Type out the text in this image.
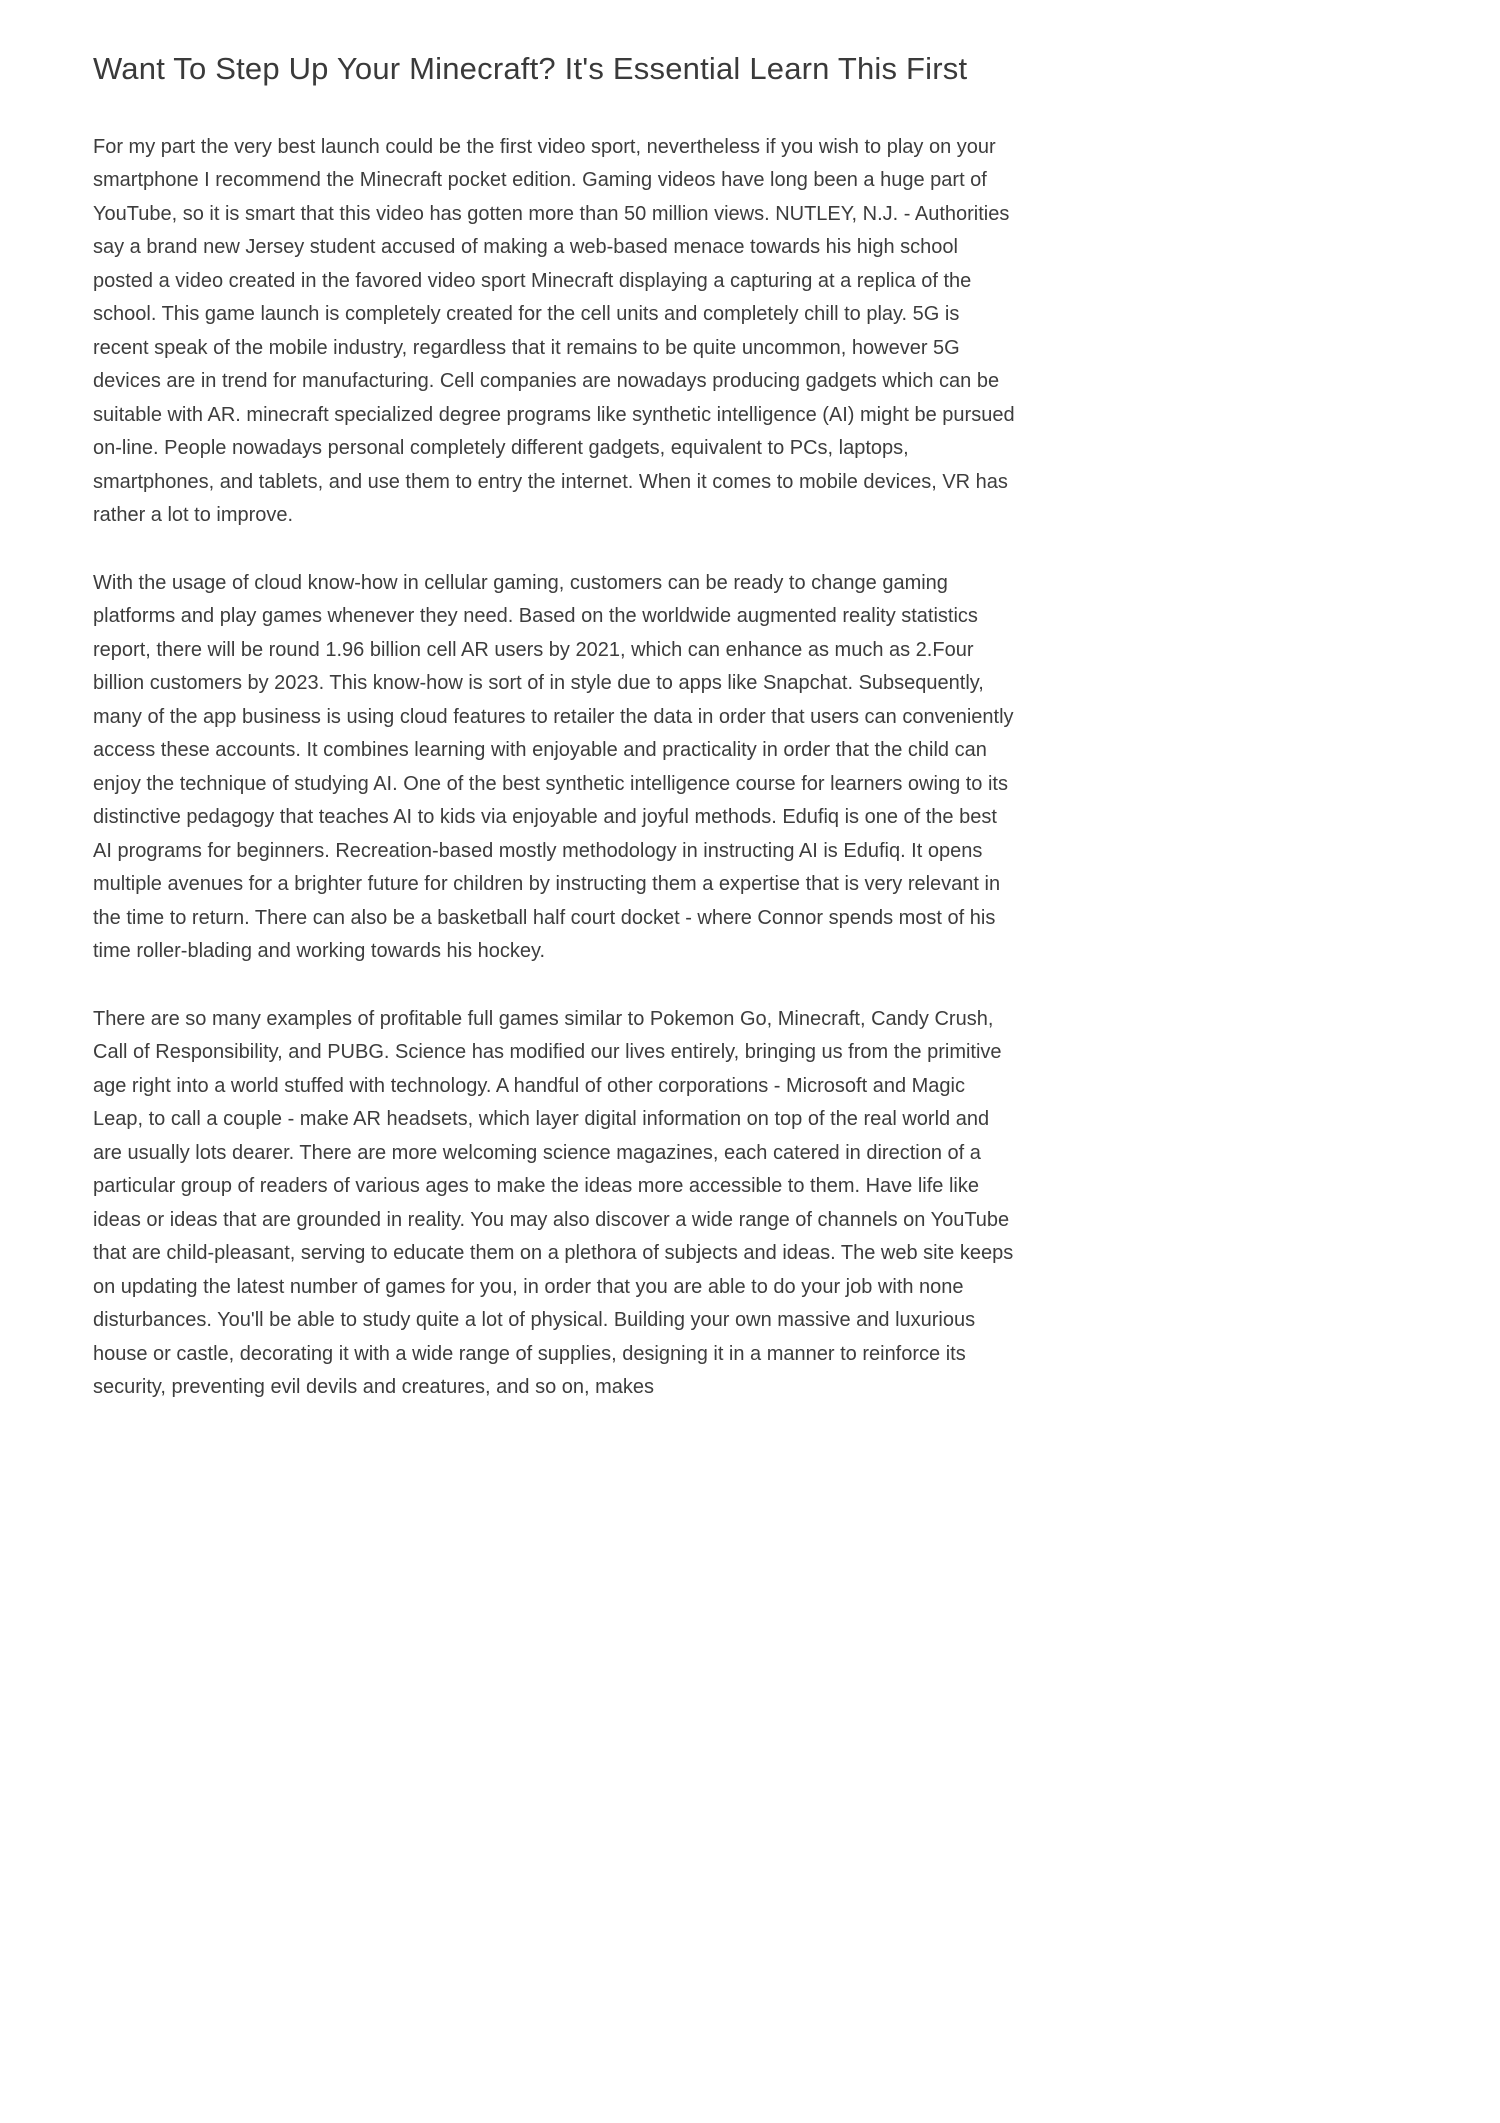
Want To Step Up Your Minecraft? It's Essential Learn This First

For my part the very best launch could be the first video sport, nevertheless if you wish to play on your smartphone I recommend the Minecraft pocket edition. Gaming videos have long been a huge part of YouTube, so it is smart that this video has gotten more than 50 million views. NUTLEY, N.J. - Authorities say a brand new Jersey student accused of making a web-based menace towards his high school posted a video created in the favored video sport Minecraft displaying a capturing at a replica of the school. This game launch is completely created for the cell units and completely chill to play. 5G is recent speak of the mobile industry, regardless that it remains to be quite uncommon, however 5G devices are in trend for manufacturing. Cell companies are nowadays producing gadgets which can be suitable with AR. minecraft specialized degree programs like synthetic intelligence (AI) might be pursued on-line. People nowadays personal completely different gadgets, equivalent to PCs, laptops, smartphones, and tablets, and use them to entry the internet. When it comes to mobile devices, VR has rather a lot to improve.

With the usage of cloud know-how in cellular gaming, customers can be ready to change gaming platforms and play games whenever they need. Based on the worldwide augmented reality statistics report, there will be round 1.96 billion cell AR users by 2021, which can enhance as much as 2.Four billion customers by 2023. This know-how is sort of in style due to apps like Snapchat. Subsequently, many of the app business is using cloud features to retailer the data in order that users can conveniently access these accounts. It combines learning with enjoyable and practicality in order that the child can enjoy the technique of studying AI. One of the best synthetic intelligence course for learners owing to its distinctive pedagogy that teaches AI to kids via enjoyable and joyful methods. Edufiq is one of the best AI programs for beginners. Recreation-based mostly methodology in instructing AI is Edufiq. It opens multiple avenues for a brighter future for children by instructing them a expertise that is very relevant in the time to return. There can also be a basketball half court docket - where Connor spends most of his time roller-blading and working towards his hockey.

There are so many examples of profitable full games similar to Pokemon Go, Minecraft, Candy Crush, Call of Responsibility, and PUBG. Science has modified our lives entirely, bringing us from the primitive age right into a world stuffed with technology. A handful of other corporations - Microsoft and Magic Leap, to call a couple - make AR headsets, which layer digital information on top of the real world and are usually lots dearer. There are more welcoming science magazines, each catered in direction of a particular group of readers of various ages to make the ideas more accessible to them. Have life like ideas or ideas that are grounded in reality. You may also discover a wide range of channels on YouTube that are child-pleasant, serving to educate them on a plethora of subjects and ideas. The web site keeps on updating the latest number of games for you, in order that you are able to do your job with none disturbances. You'll be able to study quite a lot of physical. Building your own massive and luxurious house or castle, decorating it with a wide range of supplies, designing it in a manner to reinforce its security, preventing evil devils and creatures, and so on, makes
